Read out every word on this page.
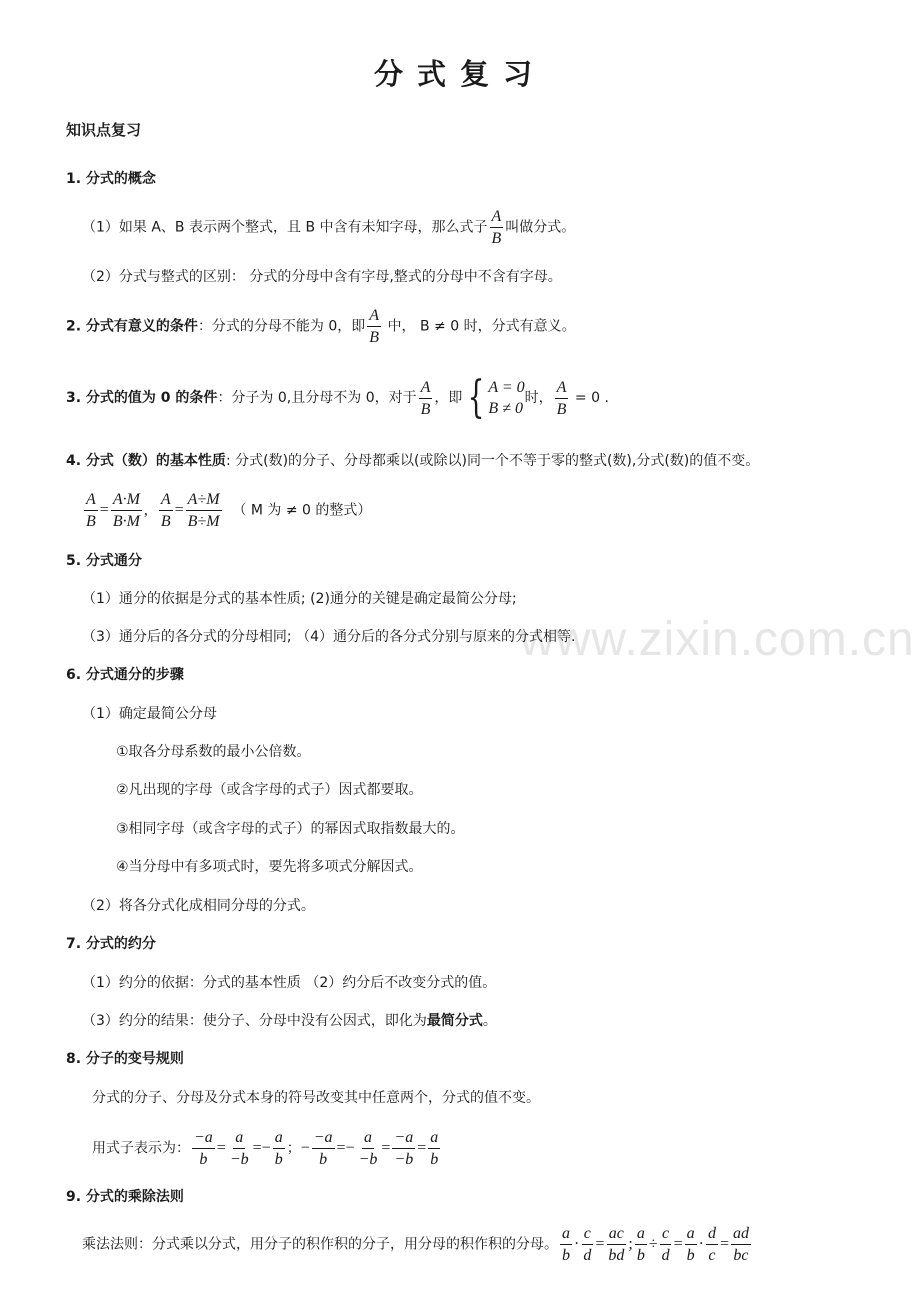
www.zixin.com.cn
分式复习
知识点复习
1. 分式的概念
（1）如果 A、B 表示两个整式，且 B 中含有未知字母，那么式子 $\frac{A}{B}$ 叫做分式。
（2）分式与整式的区别： 分式的分母中含有字母,整式的分母中不含有字母。
2. 分式有意义的条件：分式的分母不能为 0，即 $\frac{A}{B}$ 中， B ≠ 0 时，分式有意义。
3. 分式的值为 0 的条件：分子为 0,且分母不为 0，对于 $\frac{A}{B}$ ，即 { A = 0
B ≠ 0
时， $\frac{A}{B} = 0$ .
4. 分式（数）的基本性质: 分式(数)的分子、分母都乘以(或除以)同一个不等于零的整式(数),分式(数)的值不变。
$\frac{A}{B} = \frac{A\cdot M}{B\cdot M}$ , $\frac{A}{B} = \frac{A\div M}{B\div M}$ （ M 为 ≠ 0 的整式）
5. 分式通分
（1）通分的依据是分式的基本性质; (2)通分的关键是确定最简公分母;
（3）通分后的各分式的分母相同; （4）通分后的各分式分别与原来的分式相等.
6. 分式通分的步骤
（1）确定最简公分母
①取各分母系数的最小公倍数。
②凡出现的字母（或含字母的式子）因式都要取。
③相同字母（或含字母的式子）的幂因式取指数最大的。
④当分母中有多项式时，要先将多项式分解因式。
（2）将各分式化成相同分母的分式。
7. 分式的约分
（1）约分的依据：分式的基本性质 （2）约分后不改变分式的值。
（3）约分的结果：使分子、分母中没有公因式，即化为最简分式。
8. 分子的变号规则
分式的分子、分母及分式本身的符号改变其中任意两个，分式的值不变。
用式子表示为： $\frac{-a}{b} = \frac{a}{-b} =- \frac{a}{b}$ ；− $\frac{-a}{b} =- \frac{a}{-b} = \frac{-a}{-b} = \frac{a}{b}$
9. 分式的乘除法则
乘法法则：分式乘以分式，用分子的积作积的分子，用分母的积作积的分母。 $\frac{a}{b} \cdot \frac{c}{d} = \frac{ac}{bd}$ ; $\frac{a}{b} \div \frac{c}{d} = \frac{a}{b} \cdot \frac{d}{c} = \frac{ad}{bc}$
